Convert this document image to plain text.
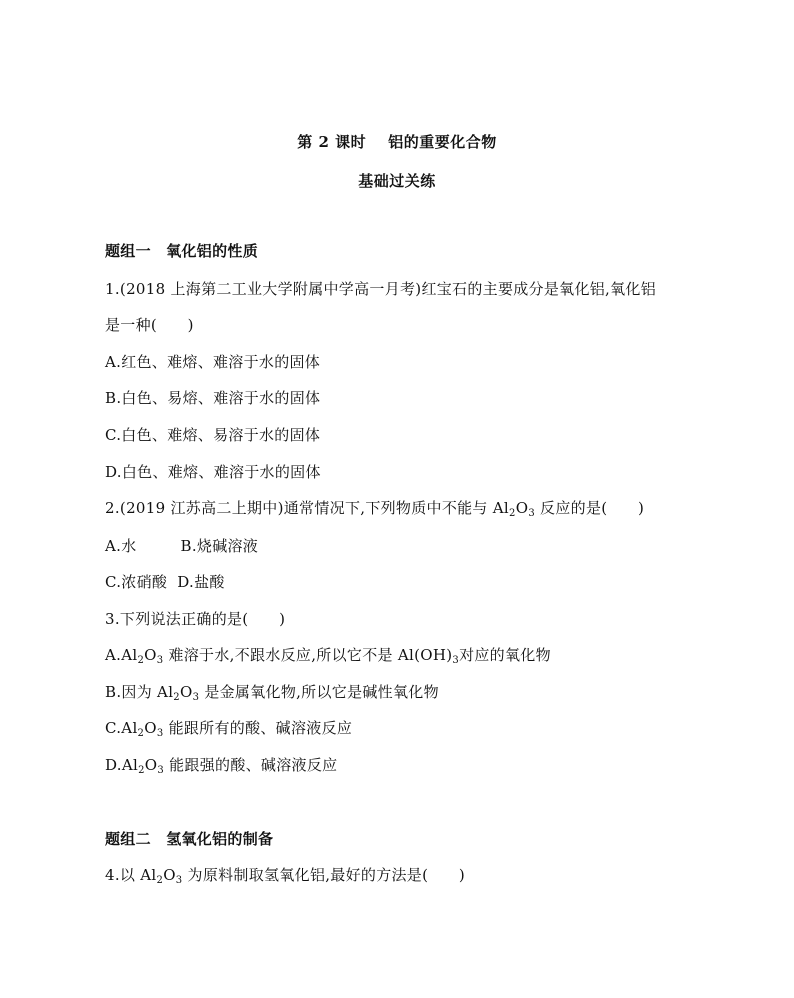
第 2 课时 铝的重要化合物
基础过关练
题组一　氧化铝的性质
1.(2018 上海第二工业大学附属中学高一月考)红宝石的主要成分是氧化铝,氧化铝
是一种(　　)
A.红色、难熔、难溶于水的固体
B.白色、易熔、难溶于水的固体
C.白色、难熔、易溶于水的固体
D.白色、难熔、难溶于水的固体
2.(2019 江苏高二上期中)通常情况下,下列物质中不能与 $Al_2O_3$ 反应的是(　　)
A.水	B.烧碱溶液
C.浓硝酸 D.盐酸
3.下列说法正确的是(　　)
$A.Al_2O_3$ 难溶于水,不跟水反应,所以它不是 $Al(OH)_3$对应的氧化物
B.因为 $Al_2O_3$ 是金属氧化物,所以它是碱性氧化物
$C.Al_2O_3$ 能跟所有的酸、碱溶液反应
$D.Al_2O_3$ 能跟强的酸、碱溶液反应
题组二　氢氧化铝的制备
4.以 $Al_2O_3$ 为原料制取氢氧化铝,最好的方法是(　　)
